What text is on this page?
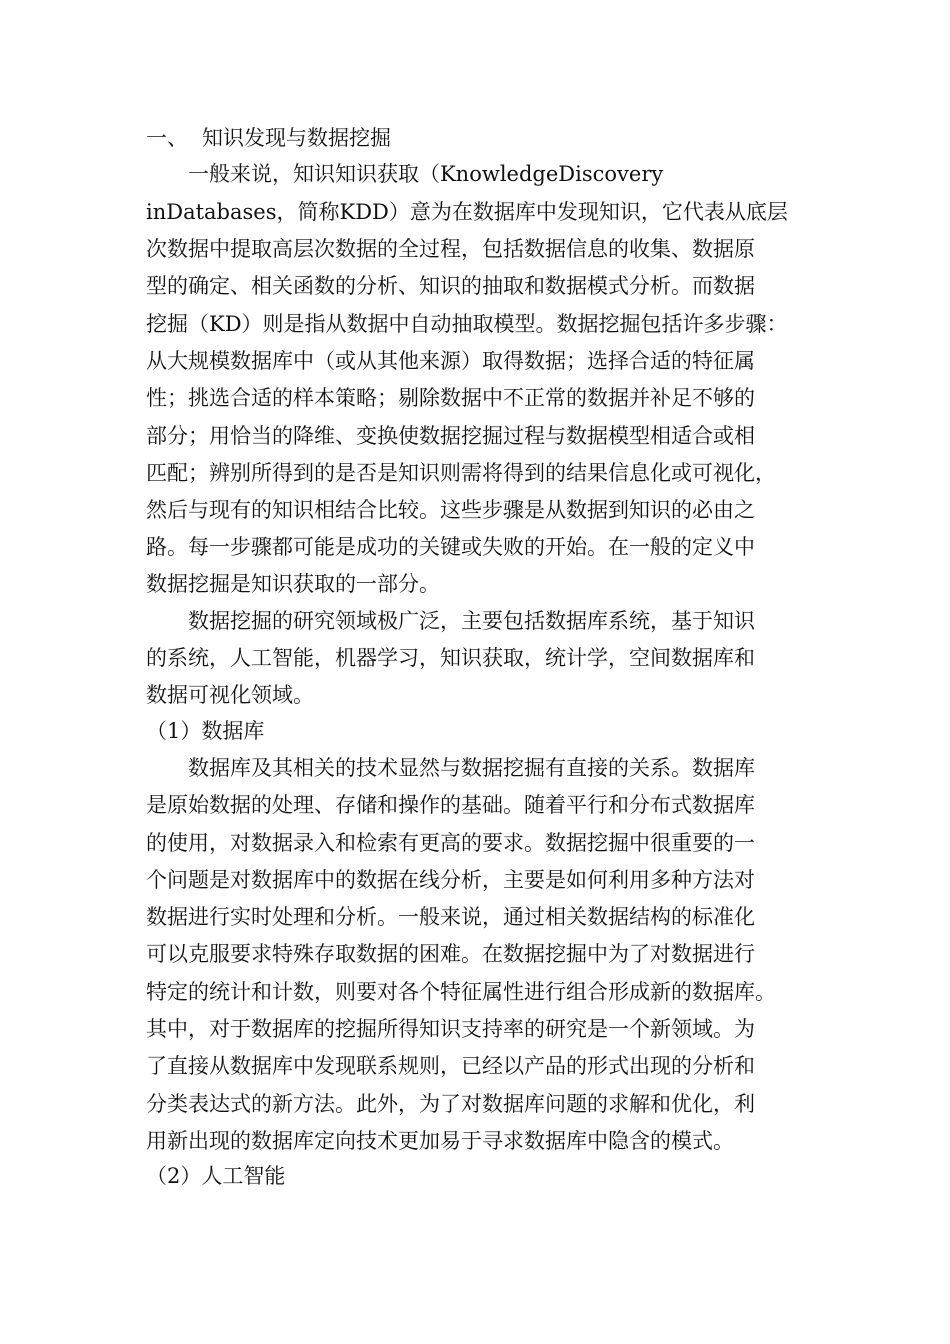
一、 知识发现与数据挖掘

一般来说，知识知识获取（KnowledgeDiscovery

inDatabases，简称KDD）意为在数据库中发现知识，它代表从底层

次数据中提取高层次数据的全过程，包括数据信息的收集、数据原

型的确定、相关函数的分析、知识的抽取和数据模式分析。而数据

挖掘（KD）则是指从数据中自动抽取模型。数据挖掘包括许多步骤：

从大规模数据库中（或从其他来源）取得数据；选择合适的特征属

性；挑选合适的样本策略；剔除数据中不正常的数据并补足不够的

部分；用恰当的降维、变换使数据挖掘过程与数据模型相适合或相

匹配；辨别所得到的是否是知识则需将得到的结果信息化或可视化，

然后与现有的知识相结合比较。这些步骤是从数据到知识的必由之

路。每一步骤都可能是成功的关键或失败的开始。在一般的定义中

数据挖掘是知识获取的一部分。

数据挖掘的研究领域极广泛，主要包括数据库系统，基于知识

的系统，人工智能，机器学习，知识获取，统计学，空间数据库和

数据可视化领域。

（1）数据库

数据库及其相关的技术显然与数据挖掘有直接的关系。数据库

是原始数据的处理、存储和操作的基础。随着平行和分布式数据库

的使用，对数据录入和检索有更高的要求。数据挖掘中很重要的一

个问题是对数据库中的数据在线分析，主要是如何利用多种方法对

数据进行实时处理和分析。一般来说，通过相关数据结构的标准化

可以克服要求特殊存取数据的困难。在数据挖掘中为了对数据进行

特定的统计和计数，则要对各个特征属性进行组合形成新的数据库。

其中，对于数据库的挖掘所得知识支持率的研究是一个新领域。为

了直接从数据库中发现联系规则，已经以产品的形式出现的分析和

分类表达式的新方法。此外，为了对数据库问题的求解和优化，利

用新出现的数据库定向技术更加易于寻求数据库中隐含的模式。

（2）人工智能
